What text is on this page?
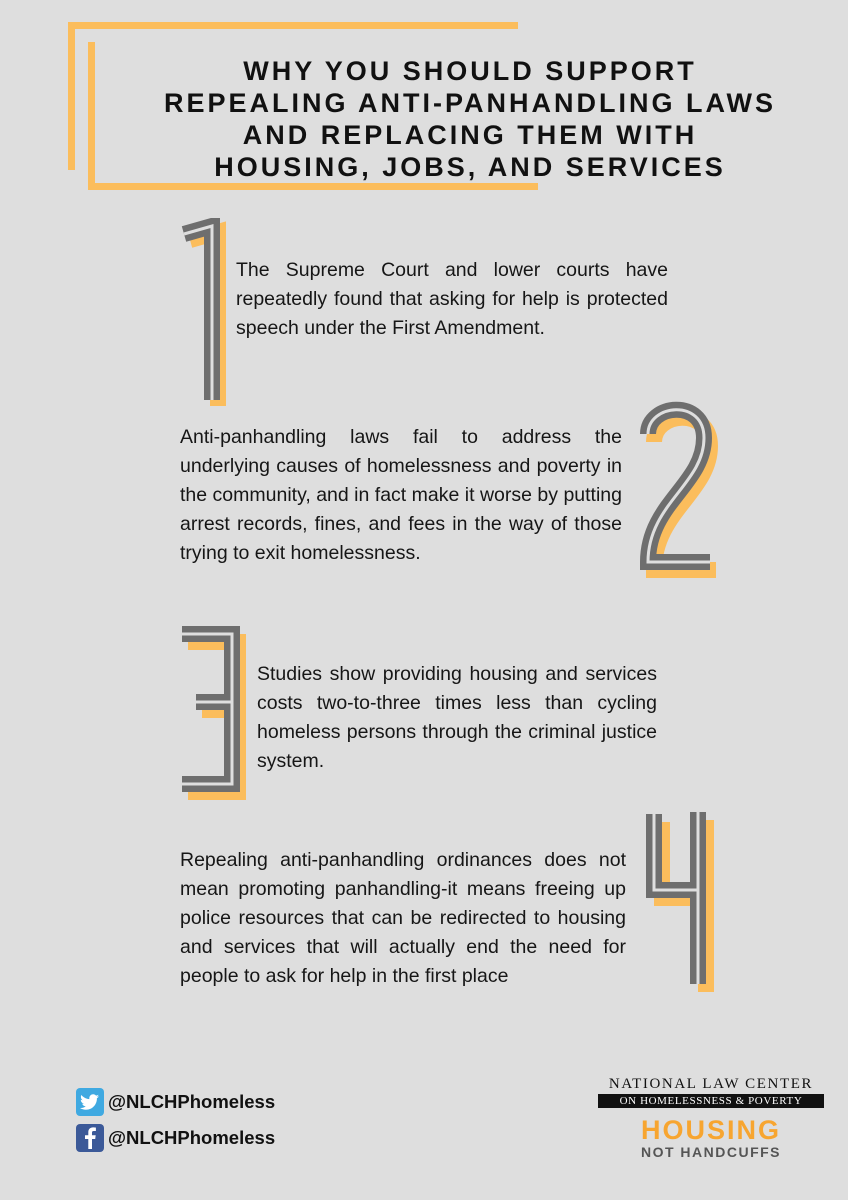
WHY YOU SHOULD SUPPORT
REPEALING ANTI-PANHANDLING LAWS
AND REPLACING THEM WITH
HOUSING, JOBS, AND SERVICES
The Supreme Court and lower courts have repeatedly found that asking for help is protected speech under the First Amendment.
Anti-panhandling laws fail to address the underlying causes of homelessness and poverty in the community, and in fact make it worse by putting arrest records, fines, and fees in the way of those trying to exit homelessness.
Studies show providing housing and services costs two-to-three times less than cycling homeless persons through the criminal justice system.
Repealing anti-panhandling ordinances does not mean promoting panhandling-it means freeing up police resources that can be redirected to housing and services that will actually end the need for people to ask for help in the first place
@NLCHPhomeless
@NLCHPhomeless
NATIONAL LAW CENTER
ON HOMELESSNESS & POVERTY
HOUSING
NOT HANDCUFFS
